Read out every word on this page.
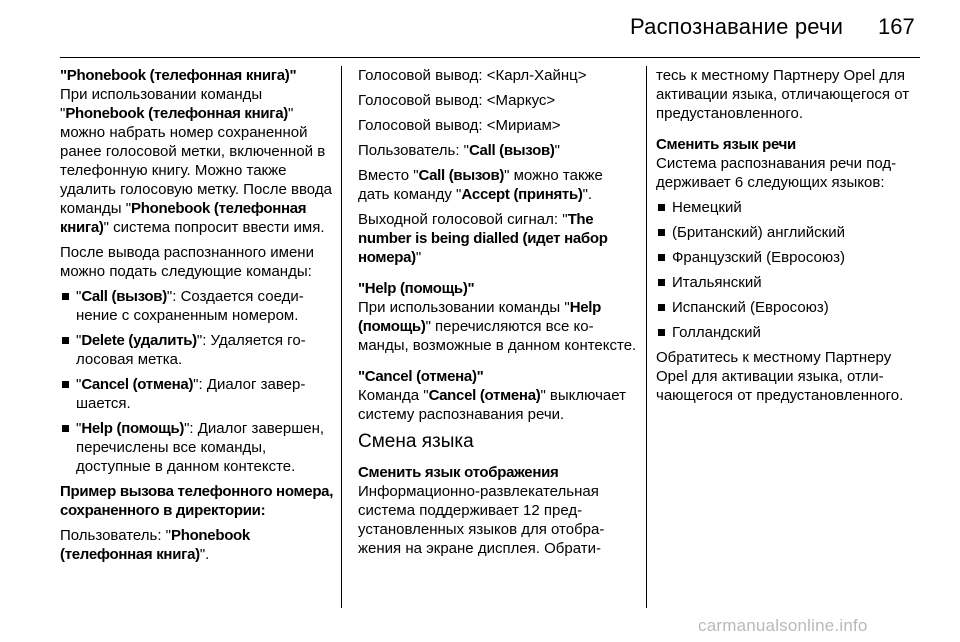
Распознавание речи 167
"Phonebook (телефонная книга)"

При использовании команды "Phonebook (телефонная книга)" можно набрать номер сохраненной ранее голосовой метки, включенной в телефонную книгу. Можно также удалить голосовую метку. После ввода команды "Phonebook (телефонная книга)" система попросит ввести имя.

После вывода распознанного имени можно подать следующие команды:

"Call (вызов)": Создается соединение с сохраненным номером.
"Delete (удалить)": Удаляется голосовая метка.
"Cancel (отмена)": Диалог завершается.
"Help (помощь)": Диалог завершен, перечислены все команды, доступные в данном контексте.
Пример вызова телефонного номера, сохраненного в директории:

Пользователь: "Phonebook (телефонная книга)".

Голосовой вывод: <Карл-Хайнц>

Голосовой вывод: <Маркус>

Голосовой вывод: <Мириам>

Пользователь: "Call (вызов)"

Вместо "Call (вызов)" можно также дать команду "Accept (принять)".

Выходной голосовой сигнал: "The number is being dialled (идет набор номера)"

"Help (помощь)"

При использовании команды "Help (помощь)" перечисляются все команды, возможные в данном контексте.

"Cancel (отмена)"

Команда "Cancel (отмена)" выключает систему распознавания речи.

Смена языка
Сменить язык отображения

Информационно-развлекательная система поддерживает 12 предустановленных языков для отображения на экране дисплея. Обрати-

тесь к местному Партнеру Opel для активации языка, отличающегося от предустановленного.

Сменить язык речи

Система распознавания речи поддерживает 6 следующих языков:

Немецкий
(Британский) английский
Французский (Евросоюз)
Итальянский
Испанский (Евросоюз)
Голландский

Обратитесь к местному Партнеру Opel для активации языка, отличающегося от предустановленного.

carmanualsonline.info
